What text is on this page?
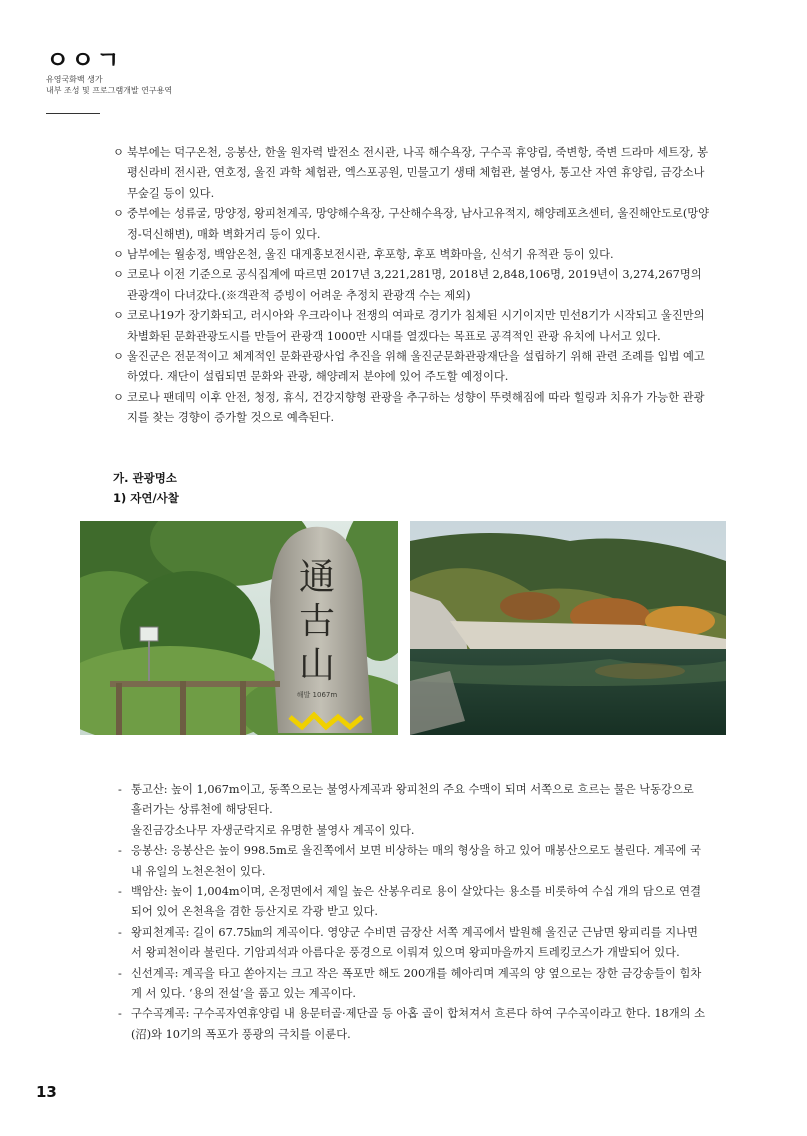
ㅇㅇㄱ
유영국화백 생가
내부 조성 및 프로그램개발 연구용역
ㅇ 북부에는 덕구온천, 응봉산, 한울 원자력 발전소 전시관, 나곡 해수욕장, 구수곡 휴양림, 죽변항, 죽변 드라마 세트장, 봉평신라비 전시관, 연호정, 울진 과학 체험관, 엑스포공원, 민물고기 생태 체험관, 불영사, 통고산 자연 휴양림, 금강소나무숲길 등이 있다.
ㅇ 중부에는 성류굴, 망양정, 왕피천계곡, 망양해수욕장, 구산해수욕장, 남사고유적지, 해양레포츠센터, 울진해안도로(망양정-덕신해변), 매화 벽화거리 등이 있다.
ㅇ 남부에는 월송정, 백암온천, 울진 대게홍보전시관, 후포항, 후포 벽화마을, 신석기 유적관 등이 있다.
ㅇ 코로나 이전 기준으로 공식집계에 따르면 2017년 3,221,281명, 2018년 2,848,106명, 2019년이 3,274,267명의 관광객이 다녀갔다.(※객관적 증빙이 어려운 추정치 관광객 수는 제외)
ㅇ 코로나19가 장기화되고, 러시아와 우크라이나 전쟁의 여파로 경기가 침체된 시기이지만 민선8기가 시작되고 울진만의 차별화된 문화관광도시를 만들어 관광객 1000만 시대를 열겠다는 목표로 공격적인 관광 유치에 나서고 있다.
ㅇ 울진군은 전문적이고 체계적인 문화관광사업 추진을 위해 울진군문화관광재단을 설립하기 위해 관련 조례를 입법 예고하였다. 재단이 설립되면 문화와 관광, 해양레저 분야에 있어 주도할 예정이다.
ㅇ 코로나 팬데믹 이후 안전, 청정, 휴식, 건강지향형 관광을 추구하는 성향이 뚜렷해짐에 따라 힐링과 치유가 가능한 관광지를 찾는 경향이 증가할 것으로 예측된다.
가. 관광명소
1) 자연/사찰
通
古
山
해발 1067m
- 통고산: 높이 1,067m이고, 동쪽으로는 불영사계곡과 왕피천의 주요 수맥이 되며 서쪽으로 흐르는 물은 낙동강으로 흘러가는 상류천에 해당된다.
울진금강소나무 자생군락지로 유명한 불영사 계곡이 있다.
- 응봉산: 응봉산은 높이 998.5m로 울진쪽에서 보면 비상하는 매의 형상을 하고 있어 매봉산으로도 불린다. 계곡에 국내 유일의 노천온천이 있다.
- 백암산: 높이 1,004m이며, 온정면에서 제일 높은 산봉우리로 용이 살았다는 용소를 비롯하여 수십 개의 담으로 연결되어 있어 온천욕을 겸한 등산지로 각광 받고 있다.
- 왕피천계곡: 길이 67.75㎞의 계곡이다. 영양군 수비면 금장산 서쪽 계곡에서 발원해 울진군 근남면 왕피리를 지나면서 왕피천이라 불린다. 기암괴석과 아름다운 풍경으로 이뤄져 있으며 왕피마을까지 트레킹코스가 개발되어 있다.
- 신선계곡: 계곡을 타고 쏟아지는 크고 작은 폭포만 해도 200개를 헤아리며 계곡의 양 옆으로는 장한 금강송들이 힘차게 서 있다. ‘용의 전설’을 품고 있는 계곡이다.
- 구수곡계곡: 구수곡자연휴양림 내 용문터골·제단골 등 아홉 골이 합쳐져서 흐른다 하여 구수곡이라고 한다. 18개의 소(沼)와 10기의 폭포가 풍광의 극치를 이룬다.
13
